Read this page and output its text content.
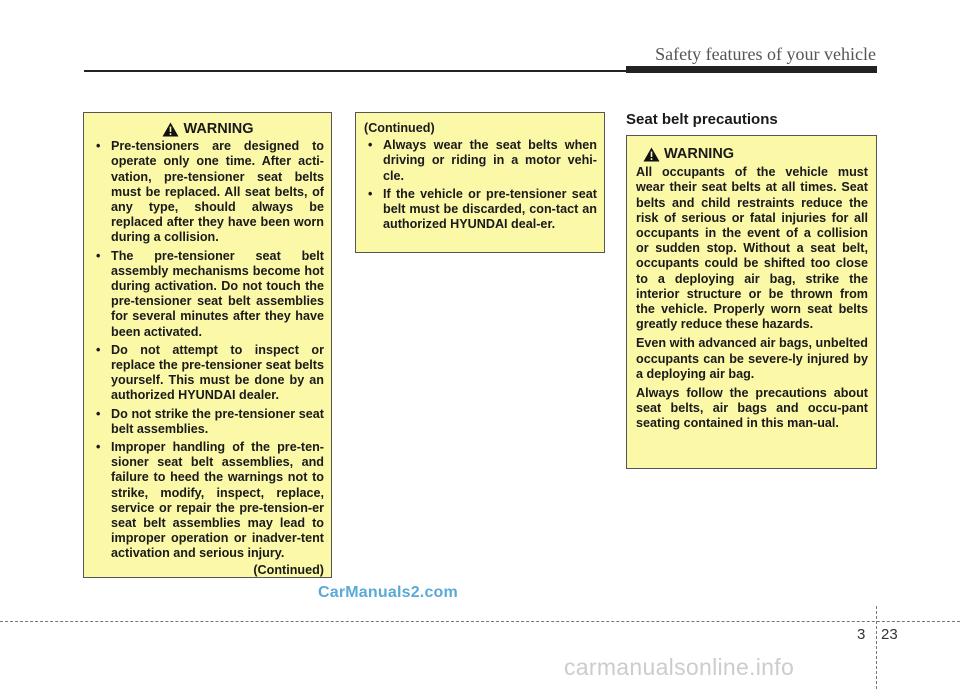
Safety features of your vehicle
WARNING
• Pre-tensioners are designed to operate only one time. After acti-vation, pre-tensioner seat belts must be replaced. All seat belts, of any type, should always be replaced after they have been worn during a collision.
• The pre-tensioner seat belt assembly mechanisms become hot during activation. Do not touch the pre-tensioner seat belt assemblies for several minutes after they have been activated.
• Do not attempt to inspect or replace the pre-tensioner seat belts yourself. This must be done by an authorized HYUNDAI dealer.
• Do not strike the pre-tensioner seat belt assemblies.
• Improper handling of the pre-ten-sioner seat belt assemblies, and failure to heed the warnings not to strike, modify, inspect, replace, service or repair the pre-tension-er seat belt assemblies may lead to improper operation or inadver-tent activation and serious injury.
(Continued)
(Continued)
• Always wear the seat belts when driving or riding in a motor vehi-cle.
• If the vehicle or pre-tensioner seat belt must be discarded, con-tact an authorized HYUNDAI deal-er.
Seat belt precautions
WARNING

All occupants of the vehicle must wear their seat belts at all times. Seat belts and child restraints reduce the risk of serious or fatal injuries for all occupants in the event of a collision or sudden stop. Without a seat belt, occupants could be shifted too close to a deploying air bag, strike the interior structure or be thrown from the vehicle. Properly worn seat belts greatly reduce these hazards.

Even with advanced air bags, unbelted occupants can be severe-ly injured by a deploying air bag.

Always follow the precautions about seat belts, air bags and occu-pant seating contained in this man-ual.

CarManuals2.com
3 23
carmanualsonline.info
